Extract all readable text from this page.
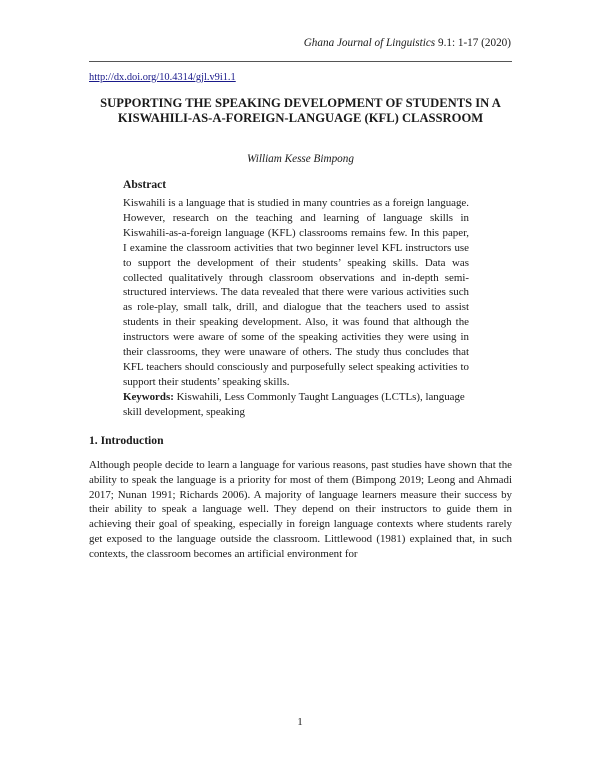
Ghana Journal of Linguistics 9.1: 1-17 (2020)
http://dx.doi.org/10.4314/gjl.v9i1.1
SUPPORTING THE SPEAKING DEVELOPMENT OF STUDENTS IN A KISWAHILI-AS-A-FOREIGN-LANGUAGE (KFL) CLASSROOM
William Kesse Bimpong
Abstract

Kiswahili is a language that is studied in many countries as a foreign language. However, research on the teaching and learning of language skills in Kiswahili-as-a-foreign language (KFL) classrooms remains few. In this paper, I examine the classroom activities that two beginner level KFL instructors use to support the development of their students’ speaking skills. Data was collected qualitatively through classroom observations and in-depth semi-structured interviews. The data revealed that there were various activities such as role-play, small talk, drill, and dialogue that the teachers used to assist students in their speaking development. Also, it was found that although the instructors were aware of some of the speaking activities they were using in their classrooms, they were unaware of others. The study thus concludes that KFL teachers should consciously and purposefully select speaking activities to support their students’ speaking skills.

Keywords: Kiswahili, Less Commonly Taught Languages (LCTLs), language skill development, speaking

1. Introduction

Although people decide to learn a language for various reasons, past studies have shown that the ability to speak the language is a priority for most of them (Bimpong 2019; Leong and Ahmadi 2017; Nunan 1991; Richards 2006). A majority of language learners measure their success by their ability to speak a language well. They depend on their instructors to guide them in achieving their goal of speaking, especially in foreign language contexts where students rarely get exposed to the language outside the classroom. Littlewood (1981) explained that, in such contexts, the classroom becomes an artificial environment for

1
